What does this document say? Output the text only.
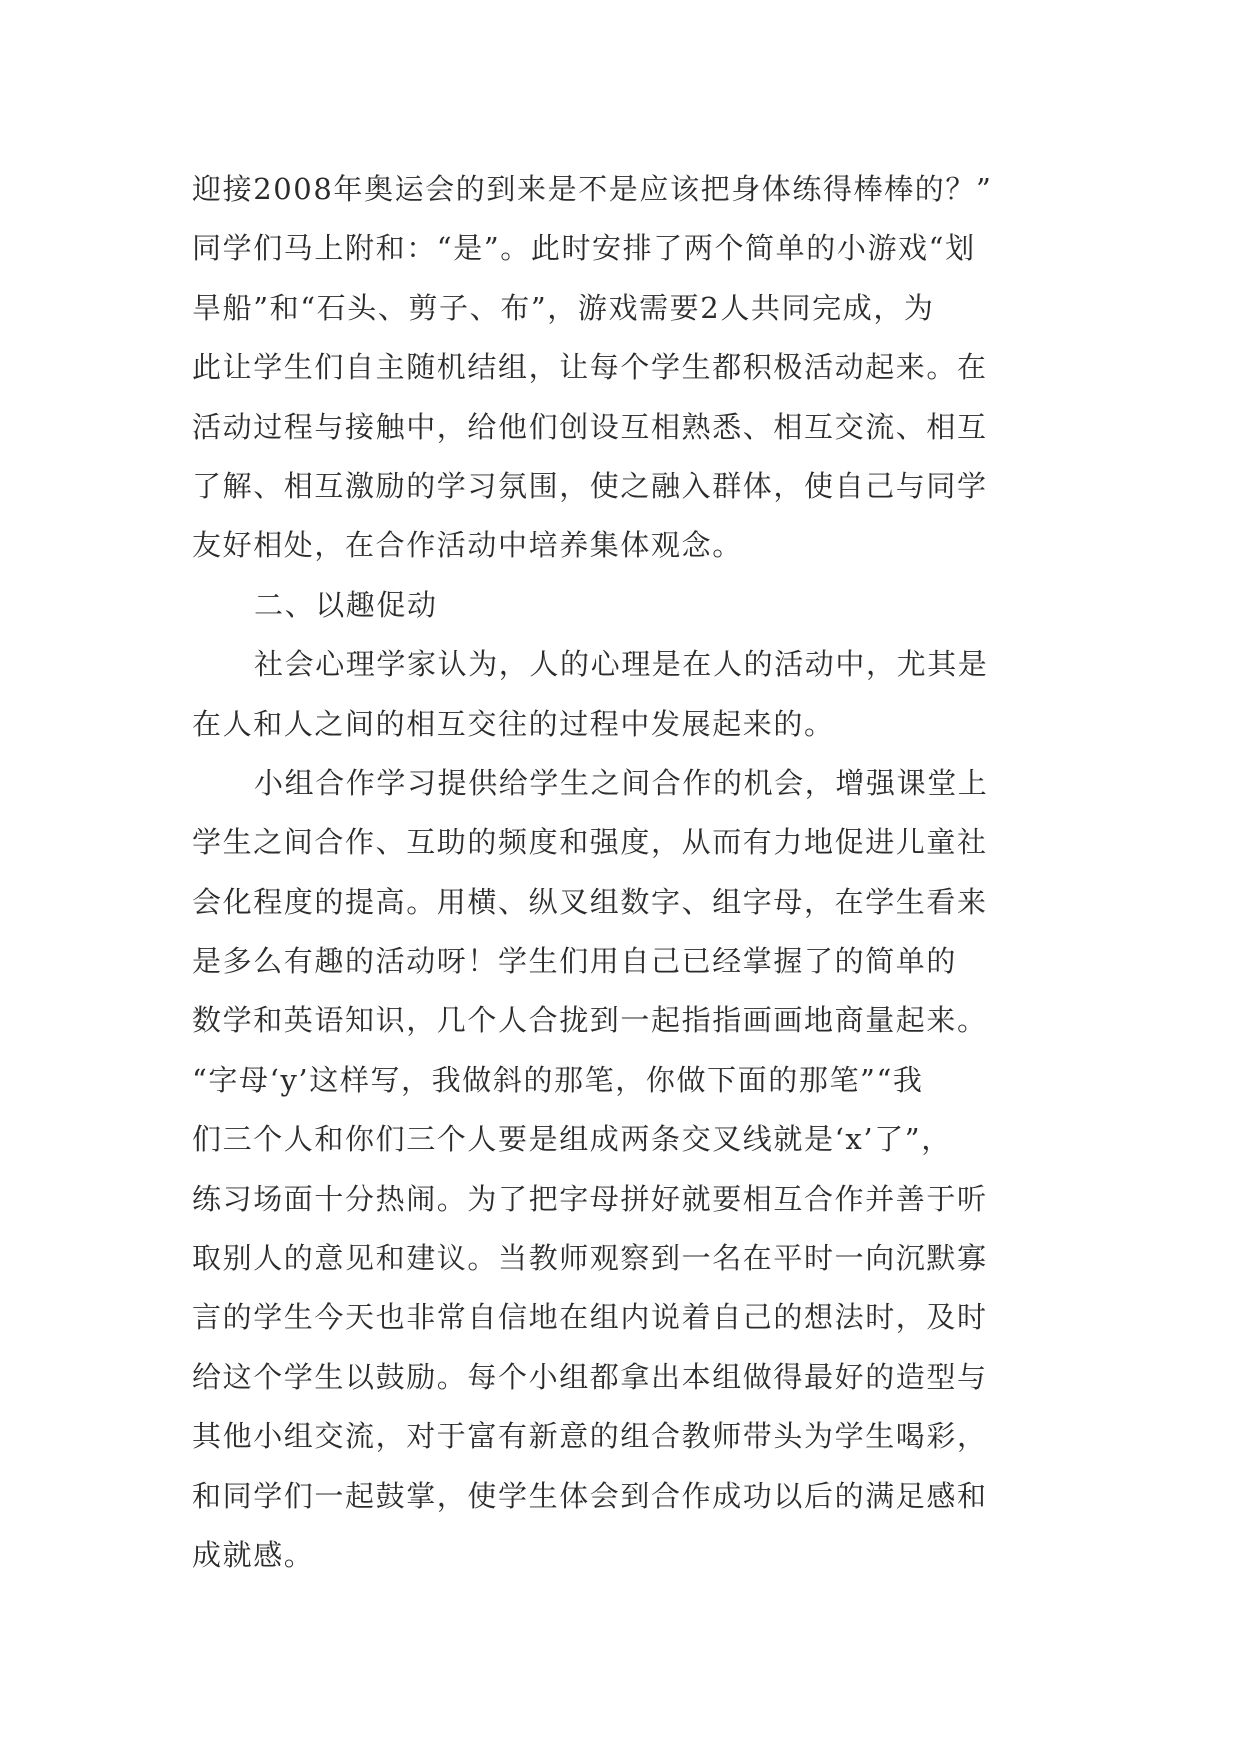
迎接2008年奥运会的到来是不是应该把身体练得棒棒的？”
同学们马上附和：“是”。此时安排了两个简单的小游戏“划
旱船”和“石头、剪子、布”，游戏需要2人共同完成，为
此让学生们自主随机结组，让每个学生都积极活动起来。在
活动过程与接触中，给他们创设互相熟悉、相互交流、相互
了解、相互激励的学习氛围，使之融入群体，使自己与同学
友好相处，在合作活动中培养集体观念。
二、以趣促动
社会心理学家认为，人的心理是在人的活动中，尤其是
在人和人之间的相互交往的过程中发展起来的。
小组合作学习提供给学生之间合作的机会，增强课堂上
学生之间合作、互助的频度和强度，从而有力地促进儿童社
会化程度的提高。用横、纵叉组数字、组字母，在学生看来
是多么有趣的活动呀！学生们用自己已经掌握了的简单的
数学和英语知识，几个人合拢到一起指指画画地商量起来。
“字母‘y’这样写，我做斜的那笔，你做下面的那笔”“我
们三个人和你们三个人要是组成两条交叉线就是‘x’了”，
练习场面十分热闹。为了把字母拼好就要相互合作并善于听
取别人的意见和建议。当教师观察到一名在平时一向沉默寡
言的学生今天也非常自信地在组内说着自己的想法时，及时
给这个学生以鼓励。每个小组都拿出本组做得最好的造型与
其他小组交流，对于富有新意的组合教师带头为学生喝彩，
和同学们一起鼓掌，使学生体会到合作成功以后的满足感和
成就感。
